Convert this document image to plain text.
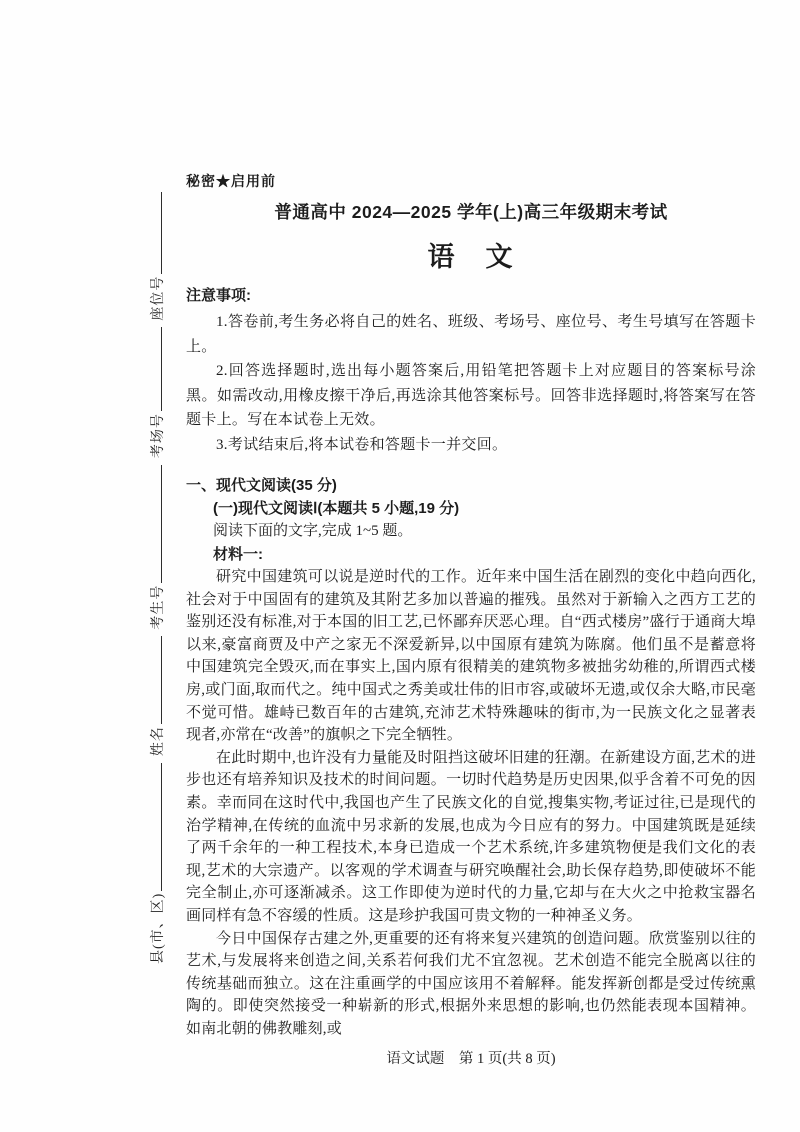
县(市、区) 姓名 考生号 考场号 座位号
秘密★启用前
普通高中 2024—2025 学年(上)高三年级期末考试
语　文
注意事项:

1.答卷前,考生务必将自己的姓名、班级、考场号、座位号、考生号填写在答题卡上。

2.回答选择题时,选出每小题答案后,用铅笔把答题卡上对应题目的答案标号涂黑。如需改动,用橡皮擦干净后,再选涂其他答案标号。回答非选择题时,将答案写在答题卡上。写在本试卷上无效。

3.考试结束后,将本试卷和答题卡一并交回。

一、现代文阅读(35 分)
(一)现代文阅读Ⅰ(本题共 5 小题,19 分)

阅读下面的文字,完成 1~5 题。

材料一:

研究中国建筑可以说是逆时代的工作。近年来中国生活在剧烈的变化中趋向西化,社会对于中国固有的建筑及其附艺多加以普遍的摧残。虽然对于新输入之西方工艺的鉴别还没有标准,对于本国的旧工艺,已怀鄙弃厌恶心理。自“西式楼房”盛行于通商大埠以来,豪富商贾及中产之家无不深爱新异,以中国原有建筑为陈腐。他们虽不是蓄意将中国建筑完全毁灭,而在事实上,国内原有很精美的建筑物多被拙劣幼稚的,所谓西式楼房,或门面,取而代之。纯中国式之秀美或壮伟的旧市容,或破坏无遗,或仅余大略,市民毫不觉可惜。雄峙已数百年的古建筑,充沛艺术特殊趣味的街市,为一民族文化之显著表现者,亦常在“改善”的旗帜之下完全牺牲。

在此时期中,也许没有力量能及时阻挡这破坏旧建的狂潮。在新建设方面,艺术的进步也还有培养知识及技术的时间问题。一切时代趋势是历史因果,似乎含着不可免的因素。幸而同在这时代中,我国也产生了民族文化的自觉,搜集实物,考证过往,已是现代的治学精神,在传统的血流中另求新的发展,也成为今日应有的努力。中国建筑既是延续了两千余年的一种工程技术,本身已造成一个艺术系统,许多建筑物便是我们文化的表现,艺术的大宗遗产。以客观的学术调查与研究唤醒社会,助长保存趋势,即使破坏不能完全制止,亦可逐渐减杀。这工作即使为逆时代的力量,它却与在大火之中抢救宝器名画同样有急不容缓的性质。这是珍护我国可贵文物的一种神圣义务。

今日中国保存古建之外,更重要的还有将来复兴建筑的创造问题。欣赏鉴别以往的艺术,与发展将来创造之间,关系若何我们尤不宜忽视。艺术创造不能完全脱离以往的传统基础而独立。这在注重画学的中国应该用不着解释。能发挥新创都是受过传统熏陶的。即使突然接受一种崭新的形式,根据外来思想的影响,也仍然能表现本国精神。如南北朝的佛教雕刻,或

语文试题　第 1 页(共 8 页)
